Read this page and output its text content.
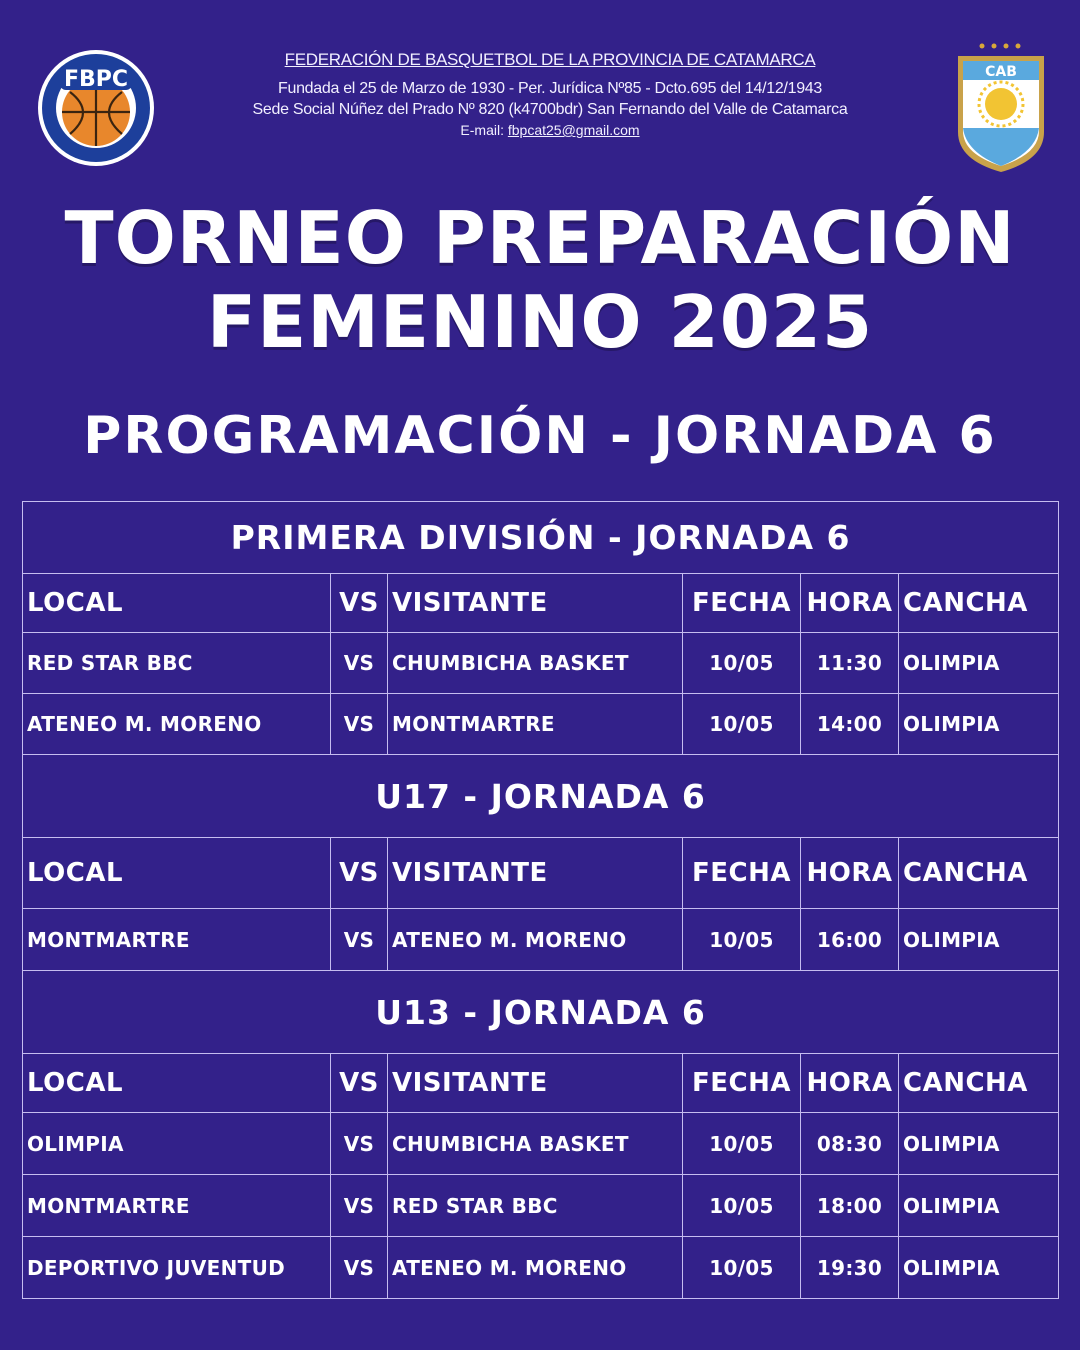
FBPC
FEDERACIÓN DE BASQUETBOL DE LA PROVINCIA DE CATAMARCA
Fundada el 25 de Marzo de 1930 - Per. Jurídica Nº85 - Dcto.695 del 14/12/1943
Sede Social Núñez del Prado Nº 820 (k4700bdr) San Fernando del Valle de Catamarca
E-mail: fbpcat25@gmail.com
CAB
TORNEO PREPARACIÓN
FEMENINO 2025
PROGRAMACIÓN - JORNADA 6
PRIMERA DIVISIÓN - JORNADA 6					
LOCAL	VS	VISITANTE	FECHA	HORA	CANCHA
RED STAR BBC	VS	CHUMBICHA BASKET	10/05	11:30	OLIMPIA
ATENEO M. MORENO	VS	MONTMARTRE	10/05	14:00	OLIMPIA
U17 - JORNADA 6					
LOCAL	VS	VISITANTE	FECHA	HORA	CANCHA
MONTMARTRE	VS	ATENEO M. MORENO	10/05	16:00	OLIMPIA
U13 - JORNADA 6					
LOCAL	VS	VISITANTE	FECHA	HORA	CANCHA
OLIMPIA	VS	CHUMBICHA BASKET	10/05	08:30	OLIMPIA
MONTMARTRE	VS	RED STAR BBC	10/05	18:00	OLIMPIA
DEPORTIVO JUVENTUD	VS	ATENEO M. MORENO	10/05	19:30	OLIMPIA
